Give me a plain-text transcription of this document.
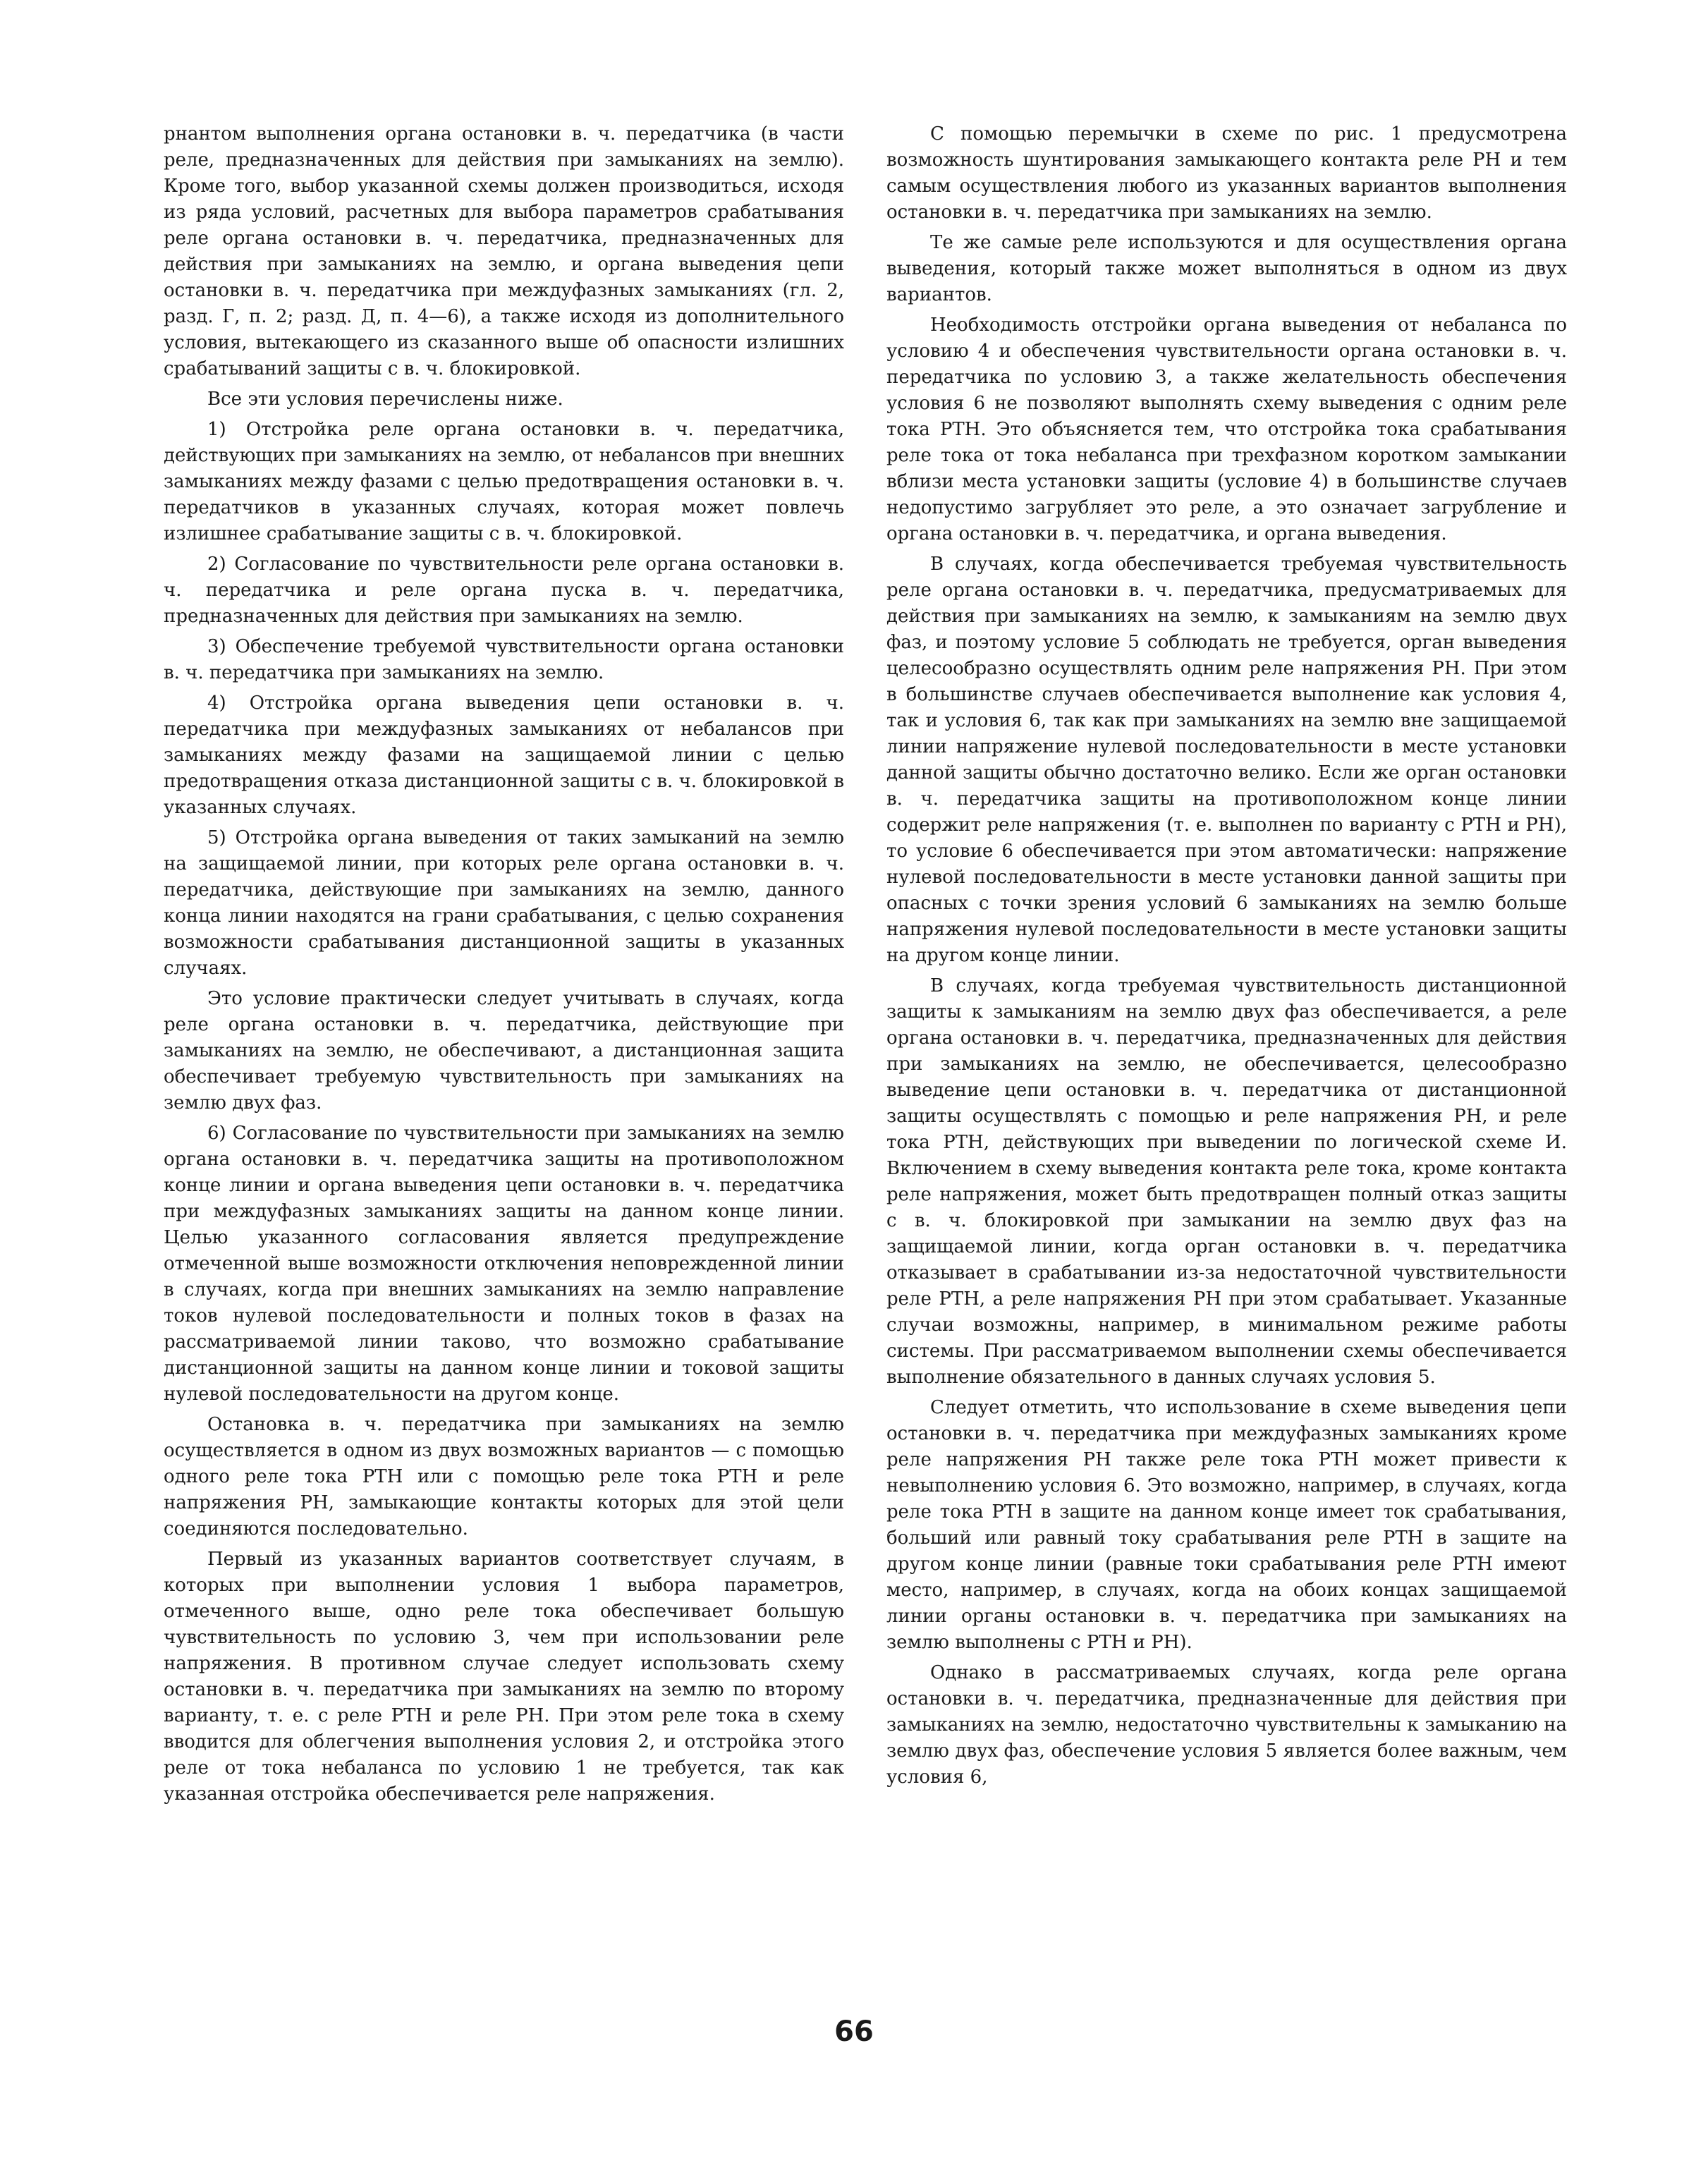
рнантом выполнения органа остановки в. ч. передатчика (в части реле, предназначенных для действия при замыканиях на землю). Кроме того, выбор указанной схемы должен производиться, исходя из ряда условий, расчетных для выбора параметров срабатывания реле органа остановки в. ч. передатчика, предназначенных для действия при замыканиях на землю, и органа выведения цепи остановки в. ч. передатчика при междуфазных замыканиях (гл. 2, разд. Г, п. 2; разд. Д, п. 4—6), а также исходя из дополнительного условия, вытекающего из сказанного выше об опасности излишних срабатываний защиты с в. ч. блокировкой.

Все эти условия перечислены ниже.

1) Отстройка реле органа остановки в. ч. передатчика, действующих при замыканиях на землю, от небалансов при внешних замыканиях между фазами с целью предотвращения остановки в. ч. передатчиков в указанных случаях, которая может повлечь излишнее срабатывание защиты с в. ч. блокировкой.

2) Согласование по чувствительности реле органа остановки в. ч. передатчика и реле органа пуска в. ч. передатчика, предназначенных для действия при замыканиях на землю.

3) Обеспечение требуемой чувствительности органа остановки в. ч. передатчика при замыканиях на землю.

4) Отстройка органа выведения цепи остановки в. ч. передатчика при междуфазных замыканиях от небалансов при замыканиях между фазами на защищаемой линии с целью предотвращения отказа дистанционной защиты с в. ч. блокировкой в указанных случаях.

5) Отстройка органа выведения от таких замыканий на землю на защищаемой линии, при которых реле органа остановки в. ч. передатчика, действующие при замыканиях на землю, данного конца линии находятся на грани срабатывания, с целью сохранения возможности срабатывания дистанционной защиты в указанных случаях.

Это условие практически следует учитывать в случаях, когда реле органа остановки в. ч. передатчика, действующие при замыканиях на землю, не обеспечивают, а дистанционная защита обеспечивает требуемую чувствительность при замыканиях на землю двух фаз.

6) Согласование по чувствительности при замыканиях на землю органа остановки в. ч. передатчика защиты на противоположном конце линии и органа выведения цепи остановки в. ч. передатчика при междуфазных замыканиях защиты на данном конце линии. Целью указанного согласования является предупреждение отмеченной выше возможности отключения неповрежденной линии в случаях, когда при внешних замыканиях на землю направление токов нулевой последовательности и полных токов в фазах на рассматриваемой линии таково, что возможно срабатывание дистанционной защиты на данном конце линии и токовой защиты нулевой последовательности на другом конце.

Остановка в. ч. передатчика при замыканиях на землю осуществляется в одном из двух возможных вариантов — с помощью одного реле тока РТН или с помощью реле тока РТН и реле напряжения РН, замыкающие контакты которых для этой цели соединяются последовательно.

Первый из указанных вариантов соответствует случаям, в которых при выполнении условия 1 выбора параметров, отмеченного выше, одно реле тока обеспечивает большую чувствительность по условию 3, чем при использовании реле напряжения. В противном случае следует использовать схему остановки в. ч. передатчика при замыканиях на землю по второму варианту, т. е. с реле РТН и реле РН. При этом реле тока в схему вводится для облегчения выполнения условия 2, и отстройка этого реле от тока небаланса по условию 1 не требуется, так как указанная отстройка обеспечивается реле напряжения.

С помощью перемычки в схеме по рис. 1 предусмотрена возможность шунтирования замыкающего контакта реле РН и тем самым осуществления любого из указанных вариантов выполнения остановки в. ч. передатчика при замыканиях на землю.

Те же самые реле используются и для осуществления органа выведения, который также может выполняться в одном из двух вариантов.

Необходимость отстройки органа выведения от небаланса по условию 4 и обеспечения чувствительности органа остановки в. ч. передатчика по условию 3, а также желательность обеспечения условия 6 не позволяют выполнять схему выведения с одним реле тока РТН. Это объясняется тем, что отстройка тока срабатывания реле тока от тока небаланса при трехфазном коротком замыкании вблизи места установки защиты (условие 4) в большинстве случаев недопустимо загрубляет это реле, а это означает загрубление и органа остановки в. ч. передатчика, и органа выведения.

В случаях, когда обеспечивается требуемая чувствительность реле органа остановки в. ч. передатчика, предусматриваемых для действия при замыканиях на землю, к замыканиям на землю двух фаз, и поэтому условие 5 соблюдать не требуется, орган выведения целесообразно осуществлять одним реле напряжения РН. При этом в большинстве случаев обеспечивается выполнение как условия 4, так и условия 6, так как при замыканиях на землю вне защищаемой линии напряжение нулевой последовательности в месте установки данной защиты обычно достаточно велико. Если же орган остановки в. ч. передатчика защиты на противоположном конце линии содержит реле напряжения (т. е. выполнен по варианту с РТН и РН), то условие 6 обеспечивается при этом автоматически: напряжение нулевой последовательности в месте установки данной защиты при опасных с точки зрения условий 6 замыканиях на землю больше напряжения нулевой последовательности в месте установки защиты на другом конце линии.

В случаях, когда требуемая чувствительность дистанционной защиты к замыканиям на землю двух фаз обеспечивается, а реле органа остановки в. ч. передатчика, предназначенных для действия при замыканиях на землю, не обеспечивается, целесообразно выведение цепи остановки в. ч. передатчика от дистанционной защиты осуществлять с помощью и реле напряжения РН, и реле тока РТН, действующих при выведении по логической схеме И. Включением в схему выведения контакта реле тока, кроме контакта реле напряжения, может быть предотвращен полный отказ защиты с в. ч. блокировкой при замыкании на землю двух фаз на защищаемой линии, когда орган остановки в. ч. передатчика отказывает в срабатывании из-за недостаточной чувствительности реле РТН, а реле напряжения РН при этом срабатывает. Указанные случаи возможны, например, в минимальном режиме работы системы. При рассматриваемом выполнении схемы обеспечивается выполнение обязательного в данных случаях условия 5.

Следует отметить, что использование в схеме выведения цепи остановки в. ч. передатчика при междуфазных замыканиях кроме реле напряжения РН также реле тока РТН может привести к невыполнению условия 6. Это возможно, например, в случаях, когда реле тока РТН в защите на данном конце имеет ток срабатывания, больший или равный току срабатывания реле РТН в защите на другом конце линии (равные токи срабатывания реле РТН имеют место, например, в случаях, когда на обоих концах защищаемой линии органы остановки в. ч. передатчика при замыканиях на землю выполнены с РТН и РН).

Однако в рассматриваемых случаях, когда реле органа остановки в. ч. передатчика, предназначенные для действия при замыканиях на землю, недостаточно чувствительны к замыканию на землю двух фаз, обеспечение условия 5 является более важным, чем условия 6,

66
